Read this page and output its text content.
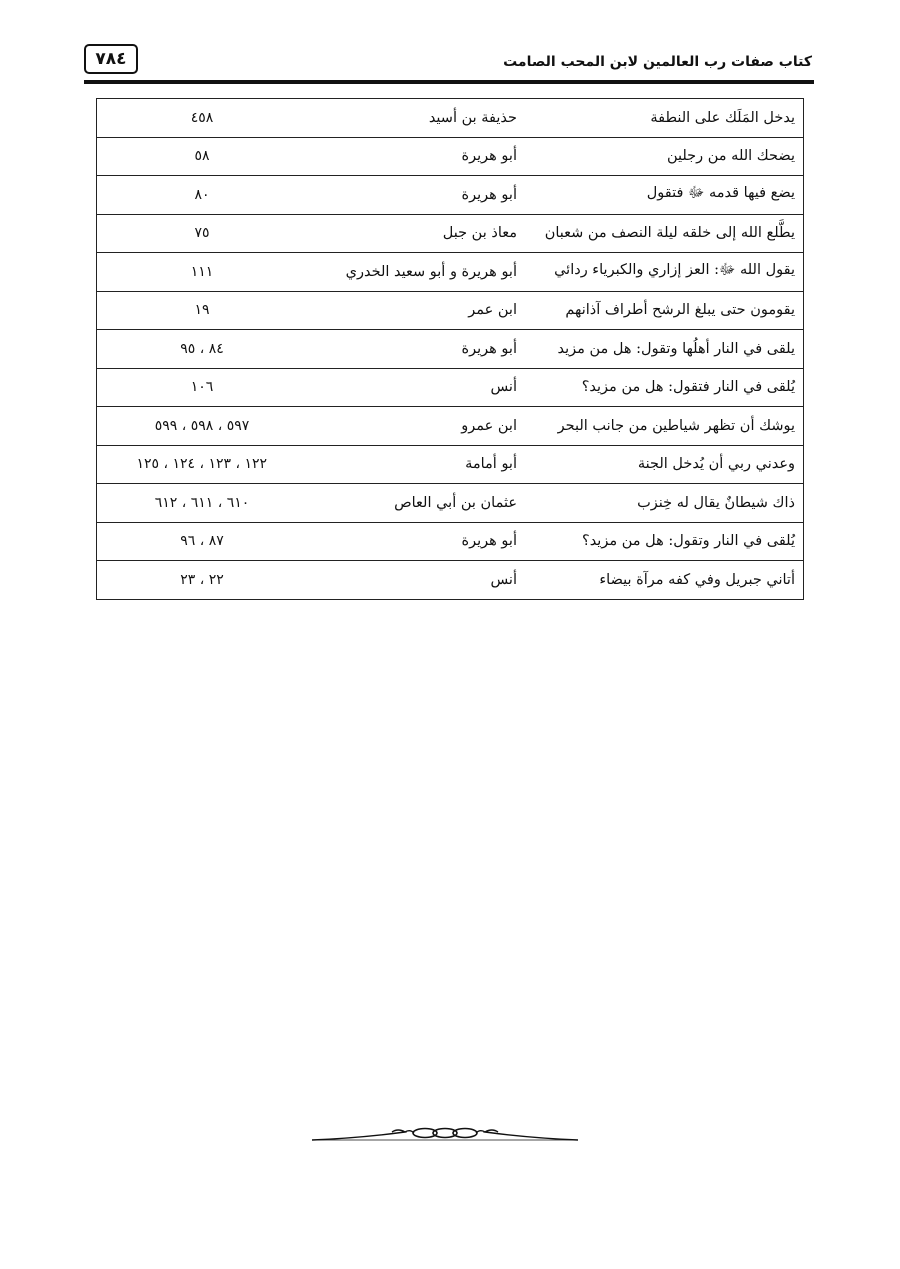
٧٨٤	كتاب صفات رب العالمين لابن المحب الصامت
يدخل المَلَك على النطفة	حذيفة بن أسيد	٤٥٨
يضحك الله من رجلين	أبو هريرة	٥٨
يضع فيها قدمه ﷻ فتقول	أبو هريرة	٨٠
يطَّلع الله إلى خلقه ليلة النصف من شعبان	معاذ بن جبل	٧٥
يقول الله ﷻ: العز إزاري والكبرياء ردائي	أبو هريرة و أبو سعيد الخدري	١١١
يقومون حتى يبلغ الرشح أطراف آذانهم	ابن عمر	١٩
يلقى في النار أهلُها وتقول: هل من مزيد	أبو هريرة	٨٤ ، ٩٥
يُلقى في النار فتقول: هل من مزيد؟	أنس	١٠٦
يوشك أن تظهر شياطين من جانب البحر	ابن عمرو	٥٩٧ ، ٥٩٨ ، ٥٩٩
وعدني ربي أن يُدخل الجنة	أبو أمامة	١٢٢ ، ١٢٣ ، ١٢٤ ، ١٢٥
ذاك شيطانٌ يقال له خِنزب	عثمان بن أبي العاص	٦١٠ ، ٦١١ ، ٦١٢
يُلقى في النار وتقول: هل من مزيد؟	أبو هريرة	٨٧ ، ٩٦
أتاني جبريل وفي كفه مرآة بيضاء	أنس	٢٢ ، ٢٣
